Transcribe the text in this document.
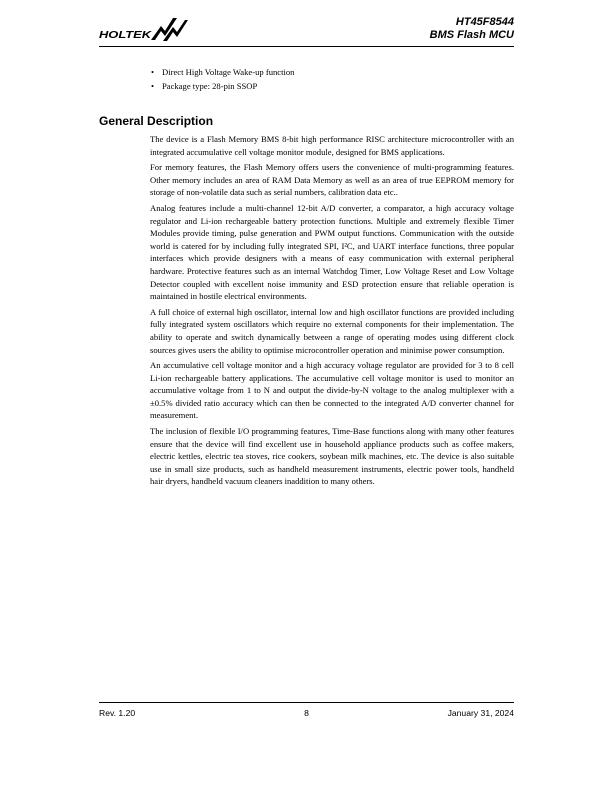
HOLTEK
HT45F8544
BMS Flash MCU
• Direct High Voltage Wake-up function
• Package type: 28-pin SSOP
General Description

The device is a Flash Memory BMS 8-bit high performance RISC architecture microcontroller with an integrated accumulative cell voltage monitor module, designed for BMS applications.

For memory features, the Flash Memory offers users the convenience of multi-programming features. Other memory includes an area of RAM Data Memory as well as an area of true EEPROM memory for storage of non-volatile data such as serial numbers, calibration data etc..

Analog features include a multi-channel 12-bit A/D converter, a comparator, a high accuracy voltage regulator and Li-ion rechargeable battery protection functions. Multiple and extremely flexible Timer Modules provide timing, pulse generation and PWM output functions. Communication with the outside world is catered for by including fully integrated SPI, I²C, and UART interface functions, three popular interfaces which provide designers with a means of easy communication with external peripheral hardware. Protective features such as an internal Watchdog Timer, Low Voltage Reset and Low Voltage Detector coupled with excellent noise immunity and ESD protection ensure that reliable operation is maintained in hostile electrical environments.

A full choice of external high oscillator, internal low and high oscillator functions are provided including fully integrated system oscillators which require no external components for their implementation. The ability to operate and switch dynamically between a range of operating modes using different clock sources gives users the ability to optimise microcontroller operation and minimise power consumption.

An accumulative cell voltage monitor and a high accuracy voltage regulator are provided for 3 to 8 cell Li-ion rechargeable battery applications. The accumulative cell voltage monitor is used to monitor an accumulative voltage from 1 to N and output the divide-by-N voltage to the analog multiplexer with a ±0.5% divided ratio accuracy which can then be connected to the integrated A/D converter channel for measurement.

The inclusion of flexible I/O programming features, Time-Base functions along with many other features ensure that the device will find excellent use in household appliance products such as coffee makers, electric kettles, electric tea stoves, rice cookers, soybean milk machines, etc. The device is also suitable use in small size products, such as handheld measurement instruments, electric power tools, handheld hair dryers, handheld vacuum cleaners inaddition to many others.

Rev. 1.20	8	January 31, 2024
